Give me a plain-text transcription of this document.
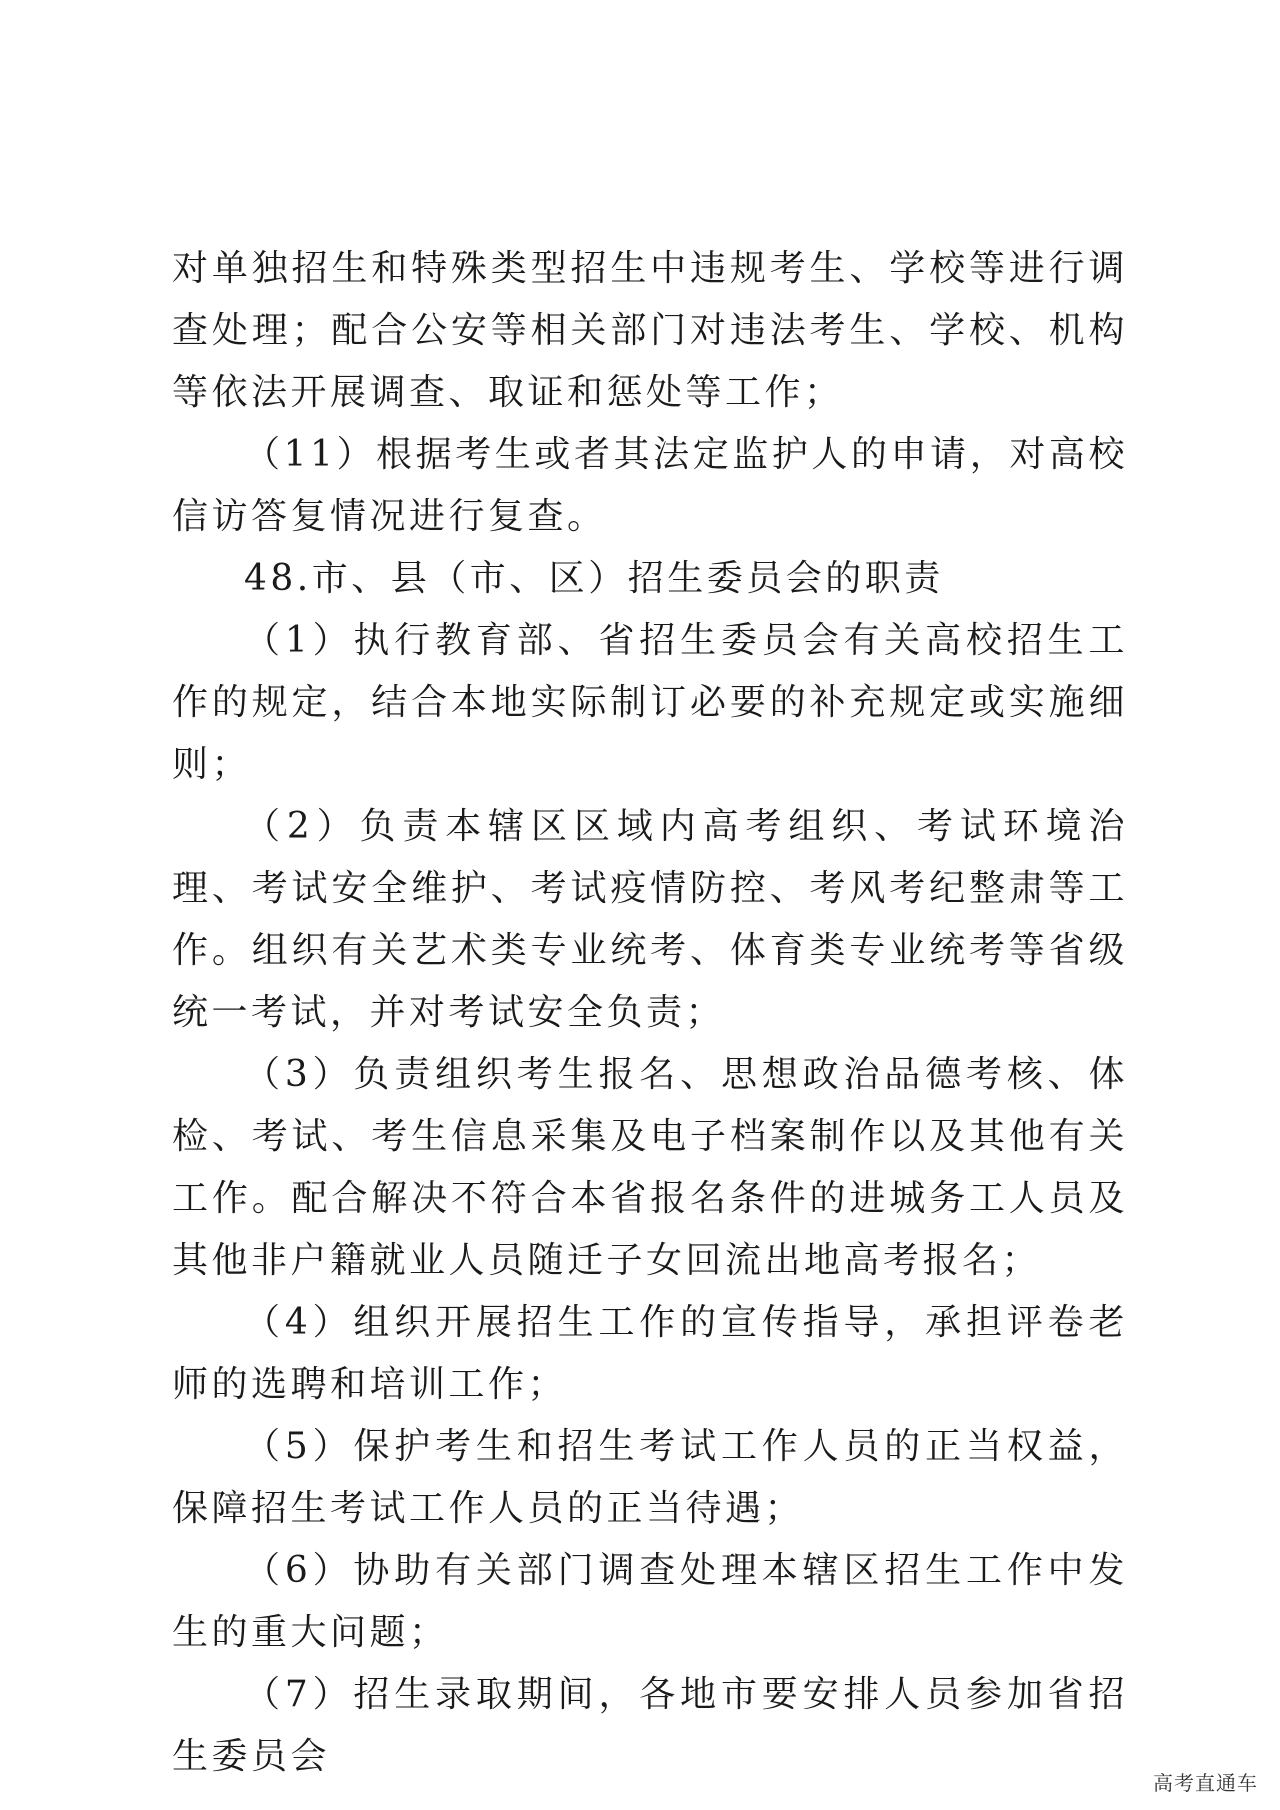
对单独招生和特殊类型招生中违规考生、学校等进行调查处理；配合公安等相关部门对违法考生、学校、机构等依法开展调查、取证和惩处等工作；

（11）根据考生或者其法定监护人的申请，对高校信访答复情况进行复查。

48.市、县（市、区）招生委员会的职责

（1）执行教育部、省招生委员会有关高校招生工作的规定，结合本地实际制订必要的补充规定或实施细则；

（2）负责本辖区区域内高考组织、考试环境治理、考试安全维护、考试疫情防控、考风考纪整肃等工作。组织有关艺术类专业统考、体育类专业统考等省级统一考试，并对考试安全负责；

（3）负责组织考生报名、思想政治品德考核、体检、考试、考生信息采集及电子档案制作以及其他有关工作。配合解决不符合本省报名条件的进城务工人员及其他非户籍就业人员随迁子女回流出地高考报名；

（4）组织开展招生工作的宣传指导，承担评卷老师的选聘和培训工作；

（5）保护考生和招生考试工作人员的正当权益，保障招生考试工作人员的正当待遇；

（6）协助有关部门调查处理本辖区招生工作中发生的重大问题；

（7）招生录取期间，各地市要安排人员参加省招生委员会

高考直通车
